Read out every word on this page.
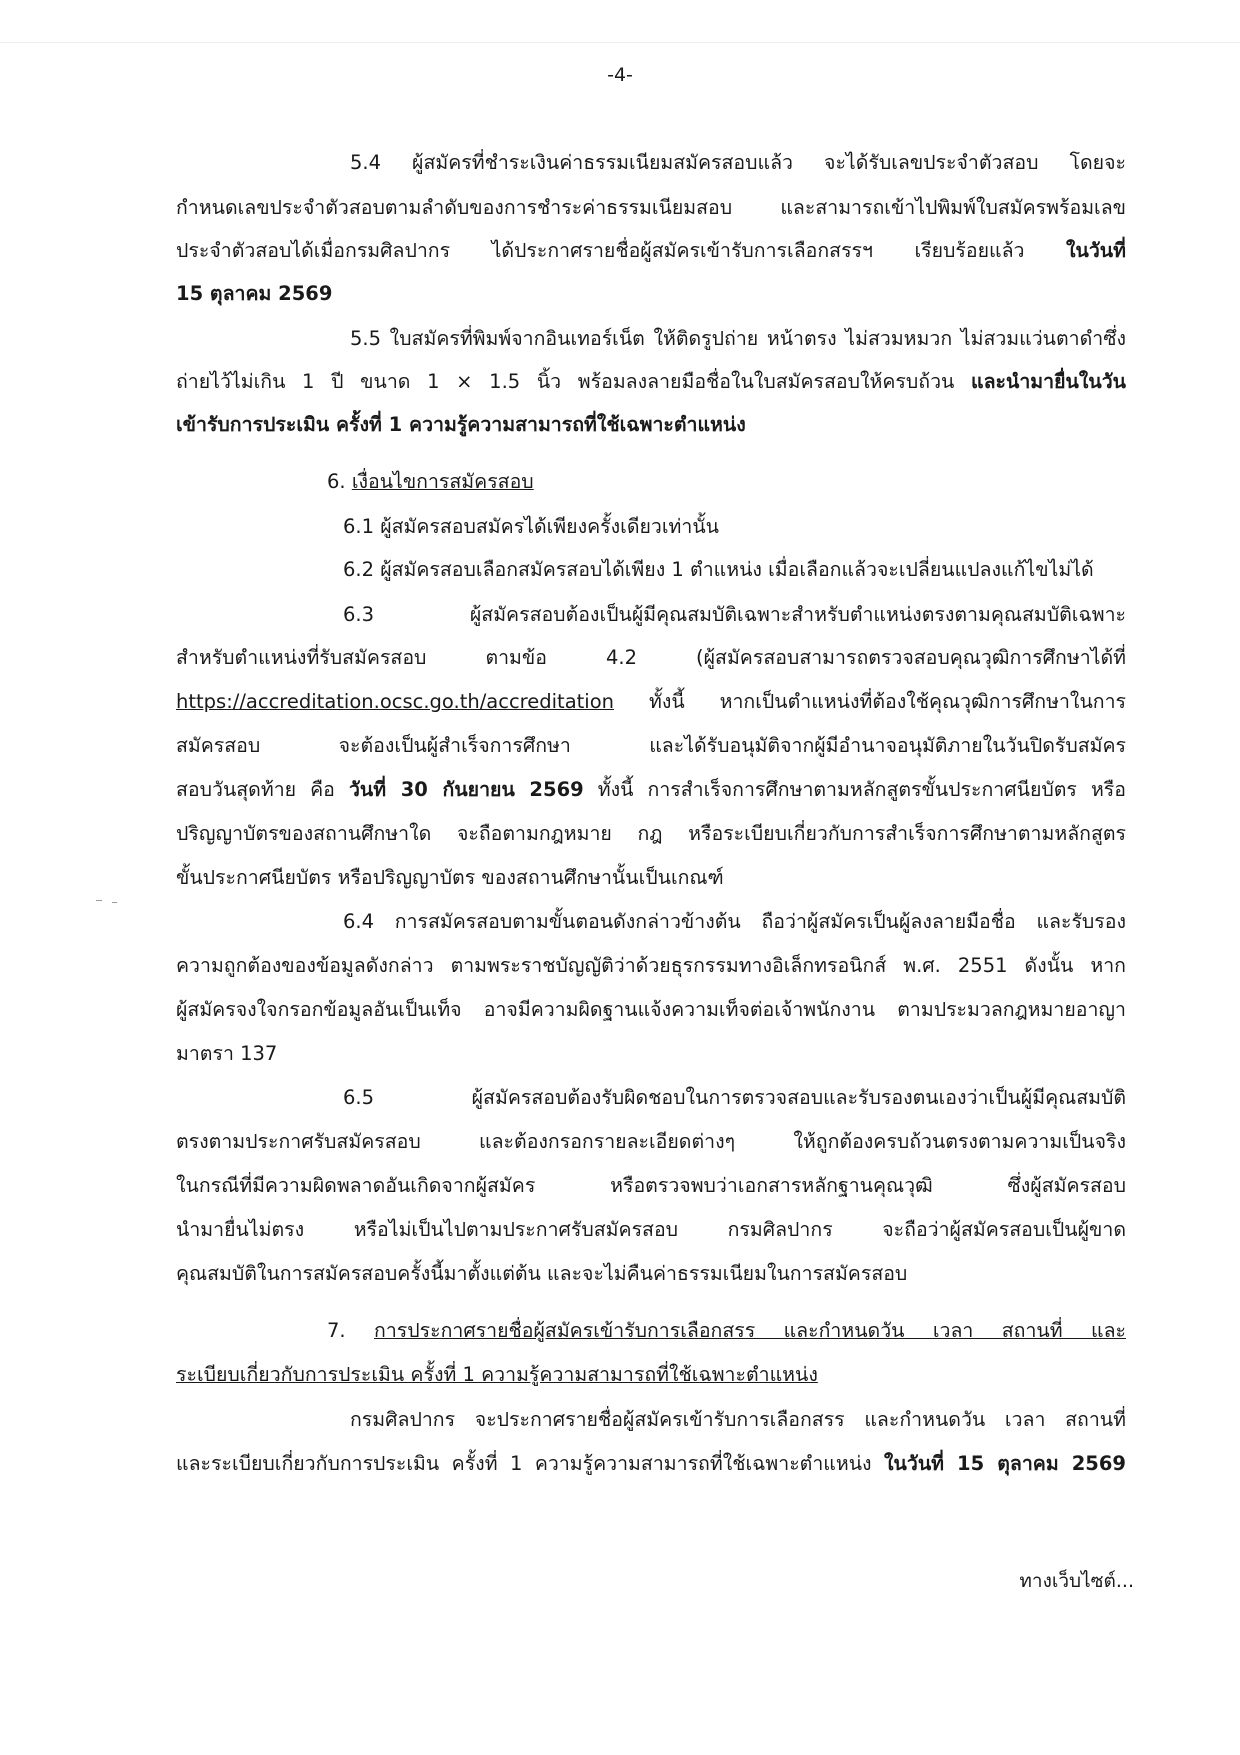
-4-
5.4 ผู้สมัครที่ชำระเงินค่าธรรมเนียมสมัครสอบแล้ว จะได้รับเลขประจำตัวสอบ โดยจะ
กำหนดเลขประจำตัวสอบตามลำดับของการชำระค่าธรรมเนียมสอบ และสามารถเข้าไปพิมพ์ใบสมัครพร้อมเลข
ประจำตัวสอบได้เมื่อกรมศิลปากร ได้ประกาศรายชื่อผู้สมัครเข้ารับการเลือกสรรฯ เรียบร้อยแล้ว ในวันที่
15 ตุลาคม 2569
5.5 ใบสมัครที่พิมพ์จากอินเทอร์เน็ต ให้ติดรูปถ่าย หน้าตรง ไม่สวมหมวก ไม่สวมแว่นตาดำซึ่ง
ถ่ายไว้ไม่เกิน 1 ปี ขนาด 1 × 1.5 นิ้ว พร้อมลงลายมือชื่อในใบสมัครสอบให้ครบถ้วน และนำมายื่นในวัน
เข้ารับการประเมิน ครั้งที่ 1 ความรู้ความสามารถที่ใช้เฉพาะตำแหน่ง
6. เงื่อนไขการสมัครสอบ
6.1 ผู้สมัครสอบสมัครได้เพียงครั้งเดียวเท่านั้น
6.2 ผู้สมัครสอบเลือกสมัครสอบได้เพียง 1 ตำแหน่ง เมื่อเลือกแล้วจะเปลี่ยนแปลงแก้ไขไม่ได้
6.3 ผู้สมัครสอบต้องเป็นผู้มีคุณสมบัติเฉพาะสำหรับตำแหน่งตรงตามคุณสมบัติเฉพาะ
สำหรับตำแหน่งที่รับสมัครสอบ ตามข้อ 4.2 (ผู้สมัครสอบสามารถตรวจสอบคุณวุฒิการศึกษาได้ที่
https://accreditation.ocsc.go.th/accreditation ทั้งนี้ หากเป็นตำแหน่งที่ต้องใช้คุณวุฒิการศึกษาในการ
สมัครสอบ จะต้องเป็นผู้สำเร็จการศึกษา และได้รับอนุมัติจากผู้มีอำนาจอนุมัติภายในวันปิดรับสมัคร
สอบวันสุดท้าย คือ วันที่ 30 กันยายน 2569 ทั้งนี้ การสำเร็จการศึกษาตามหลักสูตรขั้นประกาศนียบัตร หรือ
ปริญญาบัตรของสถานศึกษาใด จะถือตามกฎหมาย กฎ หรือระเบียบเกี่ยวกับการสำเร็จการศึกษาตามหลักสูตร
ขั้นประกาศนียบัตร หรือปริญญาบัตร ของสถานศึกษานั้นเป็นเกณฑ์
6.4 การสมัครสอบตามขั้นตอนดังกล่าวข้างต้น ถือว่าผู้สมัครเป็นผู้ลงลายมือชื่อ และรับรอง
ความถูกต้องของข้อมูลดังกล่าว ตามพระราชบัญญัติว่าด้วยธุรกรรมทางอิเล็กทรอนิกส์ พ.ศ. 2551 ดังนั้น หาก
ผู้สมัครจงใจกรอกข้อมูลอันเป็นเท็จ อาจมีความผิดฐานแจ้งความเท็จต่อเจ้าพนักงาน ตามประมวลกฎหมายอาญา
มาตรา 137
6.5 ผู้สมัครสอบต้องรับผิดชอบในการตรวจสอบและรับรองตนเองว่าเป็นผู้มีคุณสมบัติ
ตรงตามประกาศรับสมัครสอบ และต้องกรอกรายละเอียดต่างๆ ให้ถูกต้องครบถ้วนตรงตามความเป็นจริง
ในกรณีที่มีความผิดพลาดอันเกิดจากผู้สมัคร หรือตรวจพบว่าเอกสารหลักฐานคุณวุฒิ ซึ่งผู้สมัครสอบ
นำมายื่นไม่ตรง หรือไม่เป็นไปตามประกาศรับสมัครสอบ กรมศิลปากร จะถือว่าผู้สมัครสอบเป็นผู้ขาด
คุณสมบัติในการสมัครสอบครั้งนี้มาตั้งแต่ต้น และจะไม่คืนค่าธรรมเนียมในการสมัครสอบ
7. การประกาศรายชื่อผู้สมัครเข้ารับการเลือกสรร และกำหนดวัน เวลา สถานที่ และ
ระเบียบเกี่ยวกับการประเมิน ครั้งที่ 1 ความรู้ความสามารถที่ใช้เฉพาะตำแหน่ง
กรมศิลปากร จะประกาศรายชื่อผู้สมัครเข้ารับการเลือกสรร และกำหนดวัน เวลา สถานที่
และระเบียบเกี่ยวกับการประเมิน ครั้งที่ 1 ความรู้ความสามารถที่ใช้เฉพาะตำแหน่ง ในวันที่ 15 ตุลาคม 2569
ทางเว็บไซต์...
